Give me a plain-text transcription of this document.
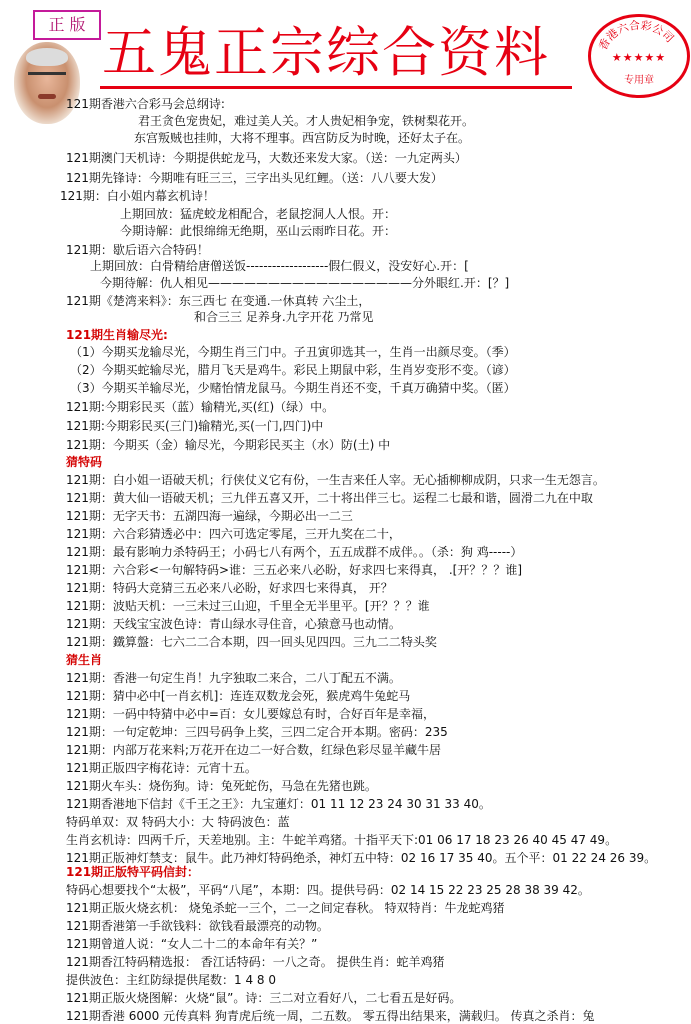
正 版 五鬼正宗综合资料	香港六合彩公司
★★★★★
专用章
121期香港六合彩马会总纲诗:
君王贪色宠贵妃，难过美人关。才人贵妃相争宠，铁树梨花开。
东宫叛贼也挂帅，大将不理事。西宫防反为时晚，还好太子在。
121期澳门天机诗：今期提供蛇龙马，大数还来发大家。（送：一九定两头）
121期先锋诗：今期唯有旺三三，三字出头见红鲤。（送：八八要大发）
121期：白小姐内幕玄机诗！
上期回放：猛虎蛟龙相配合，老鼠挖洞人人恨。开：
今期诗解：此恨绵绵无绝期，巫山云雨昨日花。开：
121期：歇后语六合特码！
上期回放：白骨精给唐僧送饭-------------------假仁假义，没安好心.开：[
今期待解：仇人相见—————————————————分外眼红.开：[？]
121期《楚湾来料》：东三西七 在变通.一休真转 六尘土，
和合三三 足养身.九字开花 乃常见
121期生肖输尽光:
（1）今期买龙输尽光，今期生肖三门中。子丑寅卯选其一，生肖一出颜尽变。（季）
（2）今期买蛇输尽光，腊月飞天是鸡牛。彩民上期鼠中彩，生肖岁变形不变。（谚）
（3）今期买羊输尽光，少赌怡情龙鼠马。今期生肖还不变，千真万确猜中奖。（匿）
121期:今期彩民买（蓝）输精光,买(红)（绿）中。
121期:今期彩民买(三门)输精光,买(一门,四门)中
121期：今期买（金）输尽光，今期彩民买主（水）防(土) 中
猜特码
121期：白小姐一语破天机；行侠仗义它有份，一生吉来任人宰。无心插柳柳成阴，只求一生无怨言。
121期：黄大仙一语破天机；三九伴五喜又开，二十将出伴三七。运程二七最和谐，圆滑二九在中取
121期：无字天书：五湖四海一遍绿，今期必出一二三
121期：六合彩猜透必中：四六可选定零尾，三开九奖在二十，
121期：最有影响力杀特码王；小码七八有两个，五五成群不成伴。。（杀：狗 鸡-----）
121期：六合彩<一句解特码>谁：三五必来八必盼，好求四七来得真， .[开？？？谁]
121期：特码大竞猜三五必来八必盼，好求四七来得真， 开？
121期：波贴天机：一三未过三山迎，千里全无半里平。[开？？？谁
121期：天线宝宝波色诗：青山绿水寻住音，心猿意马也动情。
121期：鐵算盤：七六二二合本期，四一回头见四四。三九二二特头奖
猜生肖
121期：香港一句定生肖！九字独取二来合，二八丁配五不满。
121期：猜中必中[一肖玄机]：连连双数龙会死，猴虎鸡牛兔蛇马
121期：一码中特猜中必中=百：女儿要嫁总有时，合好百年是幸福，
121期：一句定乾坤：三四号码争上奖，三四二定合开本期。密码：235
121期：内部万花来料;万花开在边二一好合数，红绿色彩尽显羊藏牛居
121期正版四字梅花诗：元宵十五。
121期火车头：烧伤狗。诗：兔死蛇伤，马急在先猪也跳。
121期香港地下信封《千王之王》：九宝蓮灯：01 11 12 23 24 30 31 33 40。
特码单双：双 特码大小：大 特码波色：蓝
生肖玄机诗：四两千斤，天差地别。主：牛蛇羊鸡猪。十指平天下:01 06 17 18 23 26 40 45 47 49。
121期正版神灯禁支：鼠牛。此乃神灯特码绝杀，神灯五中特：02 16 17 35 40。五个平：01 22 24 26 39。
121期正版特平码信封：
特码心想要找个“太极”，平码“八尾”，本期：四。提供号码：02 14 15 22 23 25 28 38 39 42。
121期正版火烧玄机： 烧兔杀蛇一三个，二一之间定春秋。 特双特肖：牛龙蛇鸡猪
121期香港第一手欲钱料：欲钱看最漂亮的动物。
121期曾道人说：“女人二十二的本命年有关？”
121期香江特码精选报： 香江话特码：一八之奇。 提供生肖：蛇羊鸡猪
提供波色：主红防绿提供尾数：1 4 8 0
121期正版火烧图解：火烧“鼠”。诗：三二对立看好八，二七看五是好码。
121期香港 6000 元传真料 狗青虎后统一周，二五数。 零五得出结果来，满载归。 传真之杀肖：兔
